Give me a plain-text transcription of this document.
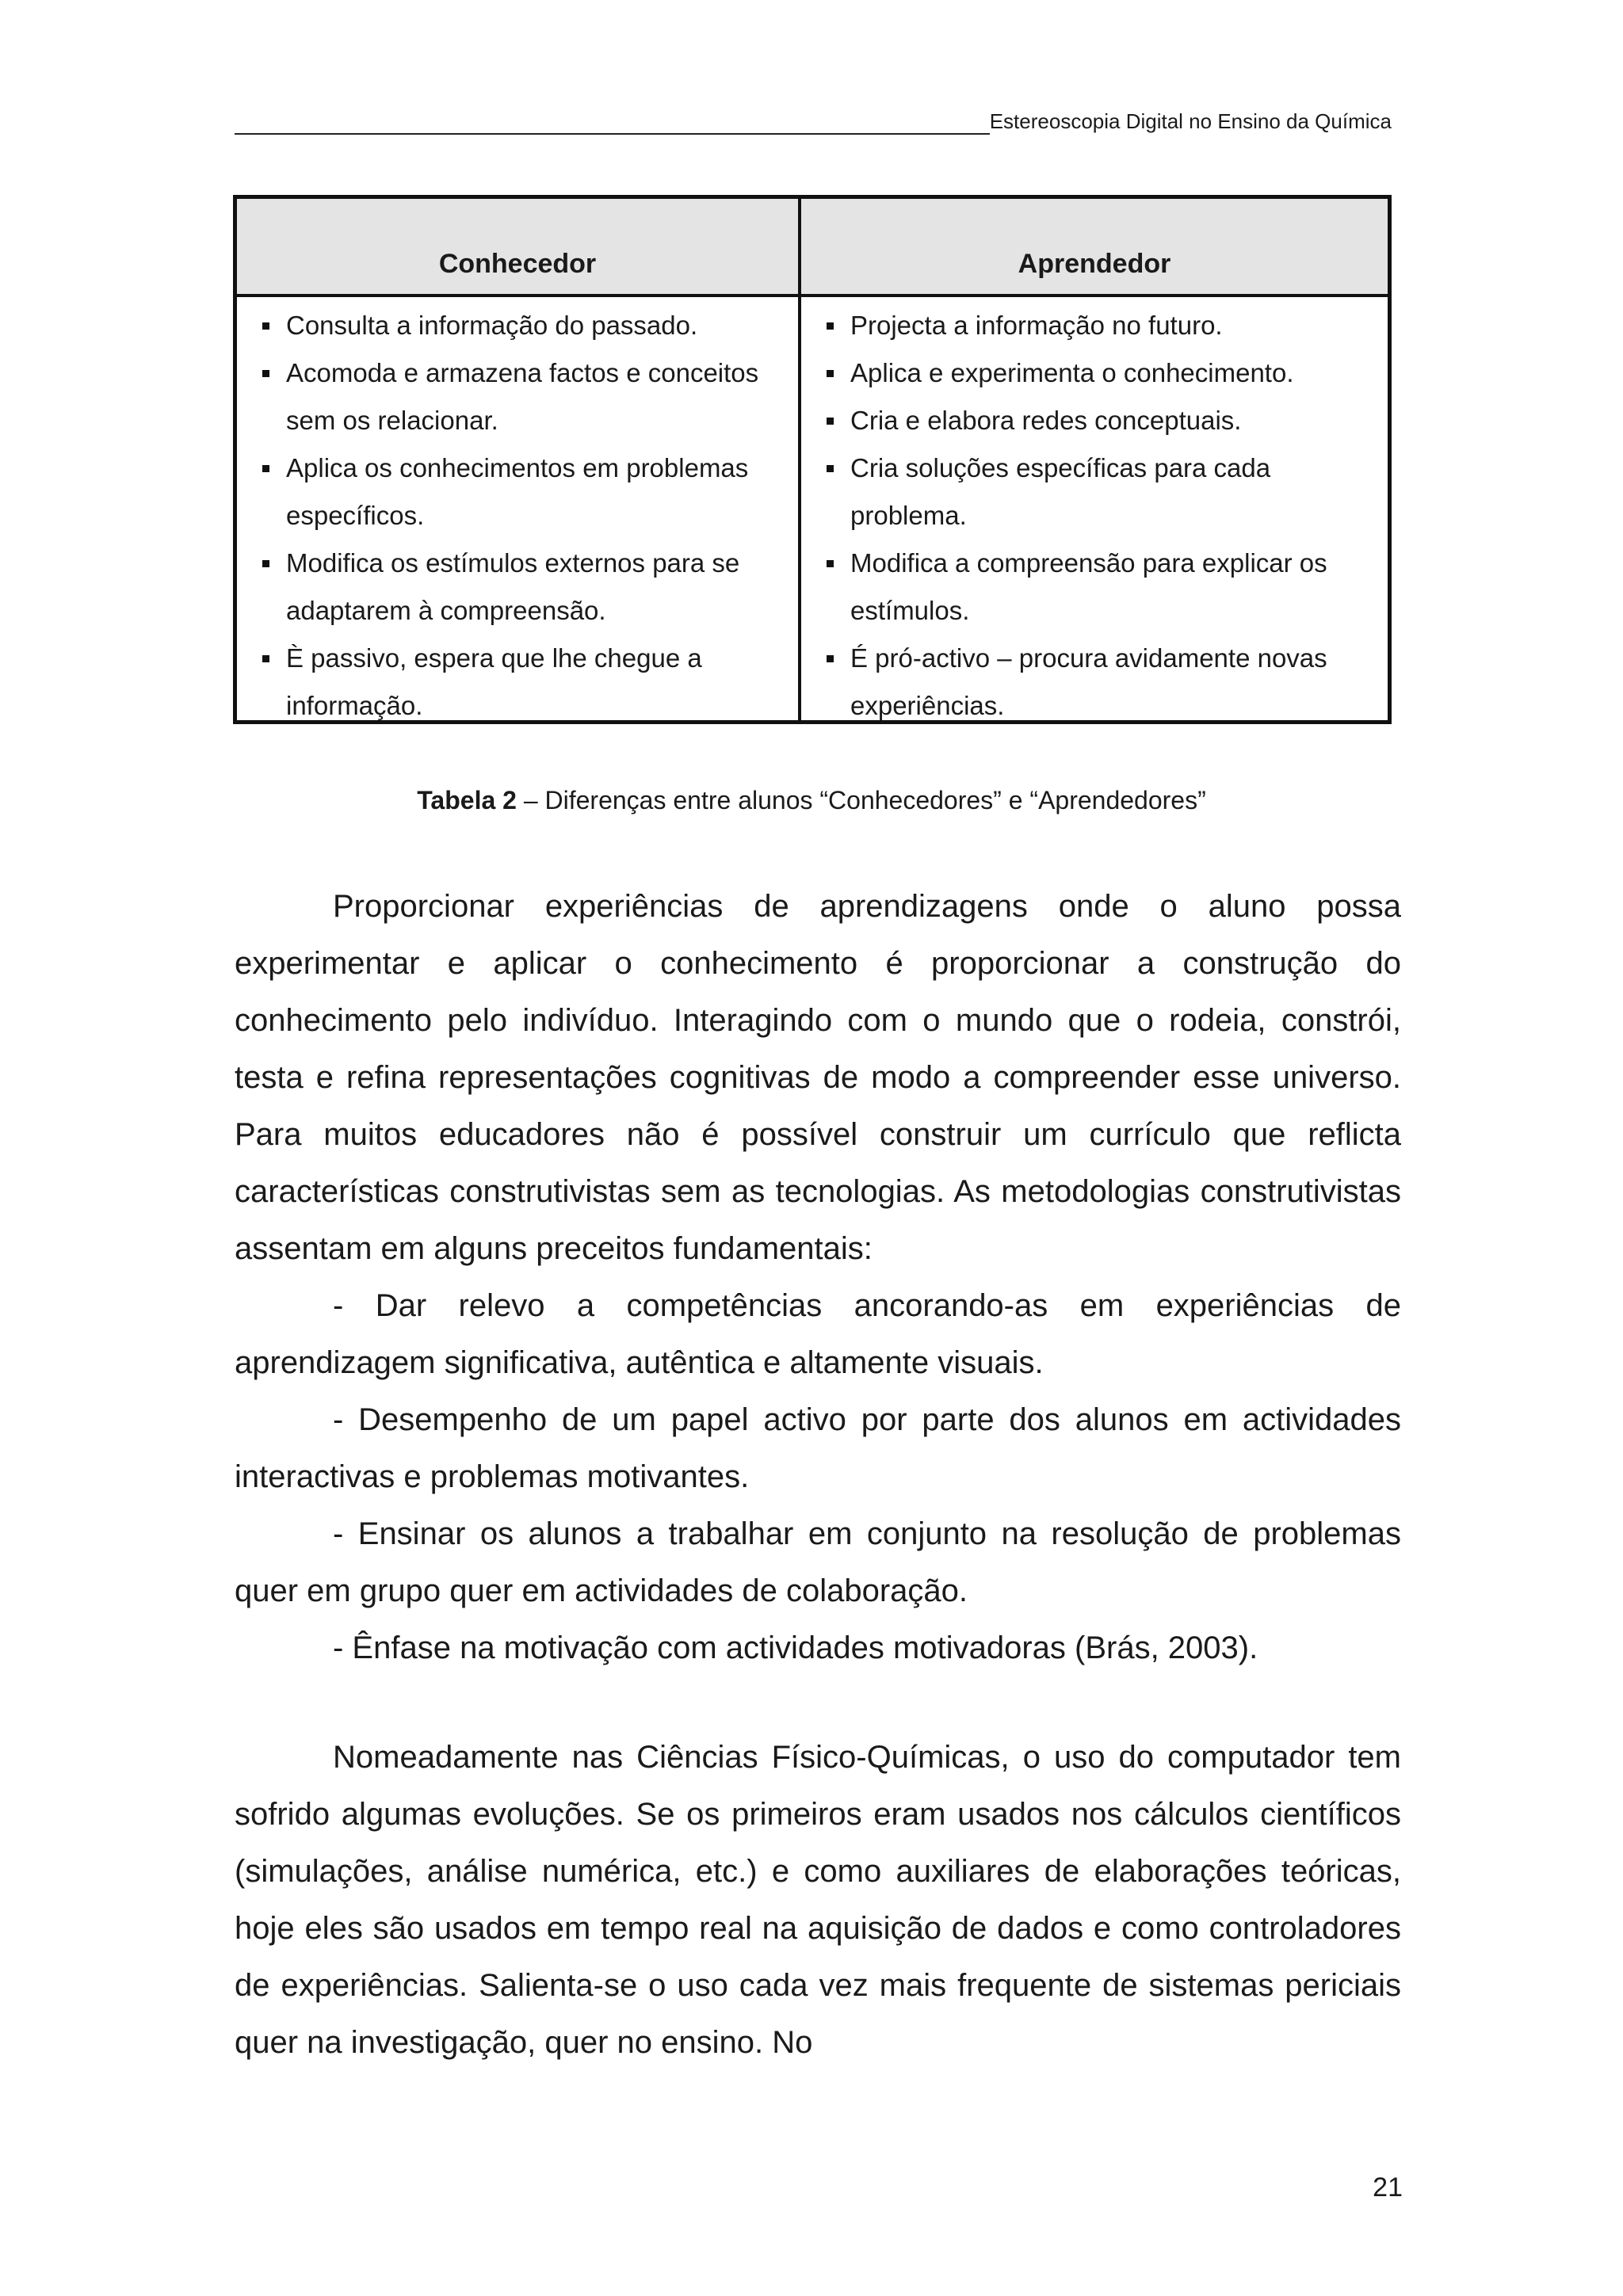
Estereoscopia Digital no Ensino da Química
Conhecedor
Consulta a informação do passado.
Acomoda e armazena factos e conceitos sem os relacionar.
Aplica os conhecimentos em problemas específicos.
Modifica os estímulos externos para se adaptarem à compreensão.
È passivo, espera que lhe chegue a informação.
Aprendedor
Projecta a informação no futuro.
Aplica e experimenta o conhecimento.
Cria e elabora redes conceptuais.
Cria soluções específicas para cada problema.
Modifica a compreensão para explicar os estímulos.
É pró-activo – procura avidamente novas experiências.
Tabela 2 – Diferenças entre alunos “Conhecedores” e “Aprendedores”

Proporcionar experiências de aprendizagens onde o aluno possa experimentar e aplicar o conhecimento é proporcionar a construção do conhecimento pelo indivíduo. Interagindo com o mundo que o rodeia, constrói, testa e refina representações cognitivas de modo a compreender esse universo. Para muitos educadores não é possível construir um currículo que reflicta características construtivistas sem as tecnologias. As metodologias construtivistas assentam em alguns preceitos fundamentais:

- Dar relevo a competências ancorando-as em experiências de aprendizagem significativa, autêntica e altamente visuais.

- Desempenho de um papel activo por parte dos alunos em actividades interactivas e problemas motivantes.

- Ensinar os alunos a trabalhar em conjunto na resolução de problemas quer em grupo quer em actividades de colaboração.

- Ênfase na motivação com actividades motivadoras (Brás, 2003).

Nomeadamente nas Ciências Físico-Químicas, o uso do computador tem sofrido algumas evoluções. Se os primeiros eram usados nos cálculos científicos (simulações, análise numérica, etc.) e como auxiliares de elaborações teóricas, hoje eles são usados em tempo real na aquisição de dados e como controladores de experiências. Salienta-se o uso cada vez mais frequente de sistemas periciais quer na investigação, quer no ensino. No

21
